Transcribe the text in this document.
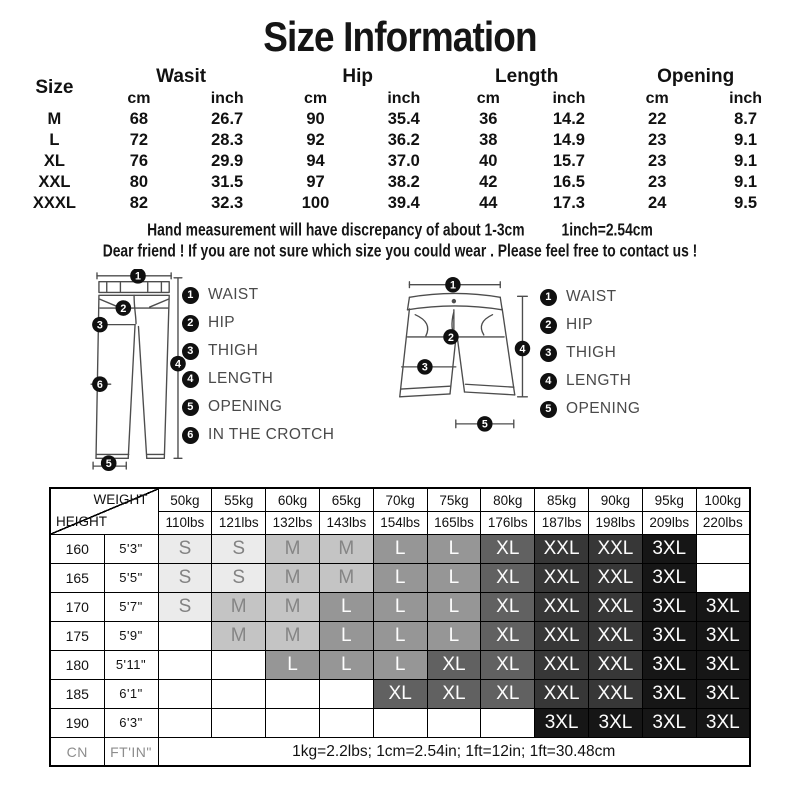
Size Information
Size	Wasit		Hip		Length		Opening	
	cm	inch	cm	inch	cm	inch	cm	inch
M	68	26.7	90	35.4	36	14.2	22	8.7
L	72	28.3	92	36.2	38	14.9	23	9.1
XL	76	29.9	94	37.0	40	15.7	23	9.1
XXL	80	31.5	97	38.2	42	16.5	23	9.1
XXXL	82	32.3	100	39.4	44	17.3	24	9.5
Hand measurement will have discrepancy of about 1-3cm 1inch=2.54cm
Dear friend ! If you are not sure which size you could wear . Please feel free to contact us !
1
2
3
4
6
5
1 WAIST
2 HIP
3 THIGH
4 LENGTH
5 OPENING
6 IN THE CROTCH
1
2
3
4
5
1 WAIST
2 HIP
3 THIGH
4 LENGTH
5 OPENING
WEIGHT
HEIGHT		50kg	55kg	60kg	65kg	70kg	75kg	80kg	85kg	90kg	95kg	100kg
		110lbs	121lbs	132lbs	143lbs	154lbs	165lbs	176lbs	187lbs	198lbs	209lbs	220lbs
160	5'3"	S	S	M	M	L	L	XL	XXL	XXL	3XL	
165	5'5"	S	S	M	M	L	L	XL	XXL	XXL	3XL	
170	5'7"	S	M	M	L	L	L	XL	XXL	XXL	3XL	3XL
175	5'9"		M	M	L	L	L	XL	XXL	XXL	3XL	3XL
180	5'11"			L	L	L	XL	XL	XXL	XXL	3XL	3XL
185	6'1"					XL	XL	XL	XXL	XXL	3XL	3XL
190	6'3"								3XL	3XL	3XL	3XL
CN	FT'IN"	1kg=2.2lbs; 1cm=2.54in; 1ft=12in; 1ft=30.48cm										
